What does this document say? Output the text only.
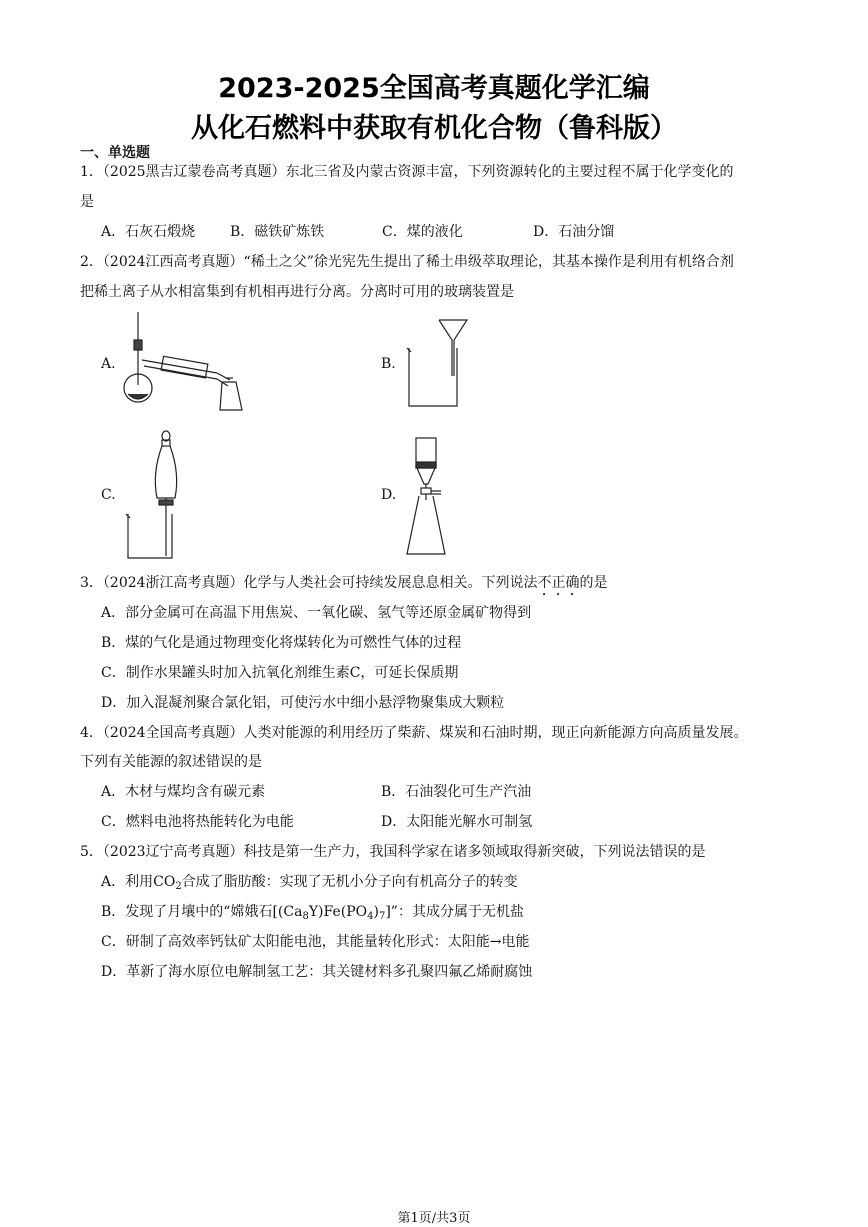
2023-2025全国高考真题化学汇编
从化石燃料中获取有机化合物（鲁科版）
一、单选题
1．（2025黑吉辽蒙卷高考真题）东北三省及内蒙古资源丰富，下列资源转化的主要过程不属于化学变化的
是
A．石灰石煅烧 B．磁铁矿炼铁	C．煤的液化	D．石油分馏
2．（2024江西高考真题）“稀土之父”徐光宪先生提出了稀土串级萃取理论，其基本操作是利用有机络合剂
把稀土离子从水相富集到有机相再进行分离。分离时可用的玻璃装置是
A.	B.
C.	D.
3．（2024浙江高考真题）化学与人类社会可持续发展息息相关。下列说法不正确的是
A．部分金属可在高温下用焦炭、一氧化碳、氢气等还原金属矿物得到
B．煤的气化是通过物理变化将煤转化为可燃性气体的过程
C．制作水果罐头时加入抗氧化剂维生素C，可延长保质期
D．加入混凝剂聚合氯化铝，可使污水中细小悬浮物聚集成大颗粒
4．（2024全国高考真题）人类对能源的利用经历了柴薪、煤炭和石油时期，现正向新能源方向高质量发展。
下列有关能源的叙述错误的是
A．木材与煤均含有碳元素	B．石油裂化可生产汽油
C．燃料电池将热能转化为电能	D．太阳能光解水可制氢
5．（2023辽宁高考真题）科技是第一生产力，我国科学家在诸多领域取得新突破，下列说法错误的是
A．利用$CO_2$合成了脂肪酸：实现了无机小分子向有机高分子的转变
B．发现了月壤中的“嫦娥石$[(Ca_8Y)Fe(PO_4)_7]$”：其成分属于无机盐
C．研制了高效率钙钛矿太阳能电池，其能量转化形式：太阳能→电能
D．革新了海水原位电解制氢工艺：其关键材料多孔聚四氟乙烯耐腐蚀
第1页/共3页
